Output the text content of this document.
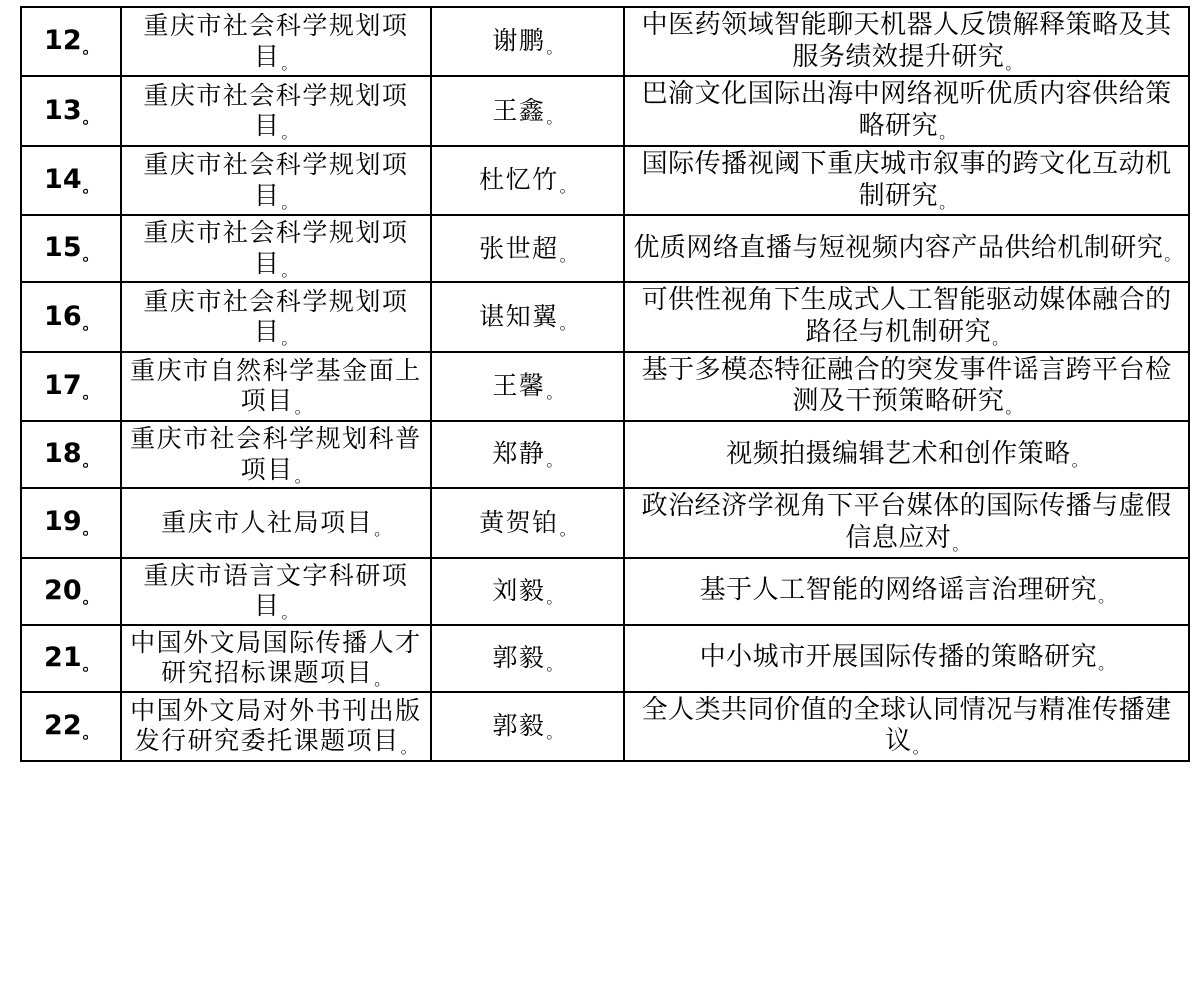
12。	重庆市社会科学规划项目。	谢鹏。	中医药领域智能聊天机器人反馈解释策略及其服务绩效提升研究。
13。	重庆市社会科学规划项目。	王鑫。	巴渝文化国际出海中网络视听优质内容供给策略研究。
14。	重庆市社会科学规划项目。	杜忆竹。	国际传播视阈下重庆城市叙事的跨文化互动机制研究。
15。	重庆市社会科学规划项目。	张世超。	优质网络直播与短视频内容产品供给机制研究。
16。	重庆市社会科学规划项目。	谌知翼。	可供性视角下生成式人工智能驱动媒体融合的路径与机制研究。
17。	重庆市自然科学基金面上项目。	王馨。	基于多模态特征融合的突发事件谣言跨平台检测及干预策略研究。
18。	重庆市社会科学规划科普项目。	郑静。	视频拍摄编辑艺术和创作策略。
19。	重庆市人社局项目。	黄贺铂。	政治经济学视角下平台媒体的国际传播与虚假信息应对。
20。	重庆市语言文字科研项目。	刘毅。	基于人工智能的网络谣言治理研究。
21。	中国外文局国际传播人才研究招标课题项目。	郭毅。	中小城市开展国际传播的策略研究。
22。	中国外文局对外书刊出版发行研究委托课题项目。	郭毅。	全人类共同价值的全球认同情况与精准传播建议。
